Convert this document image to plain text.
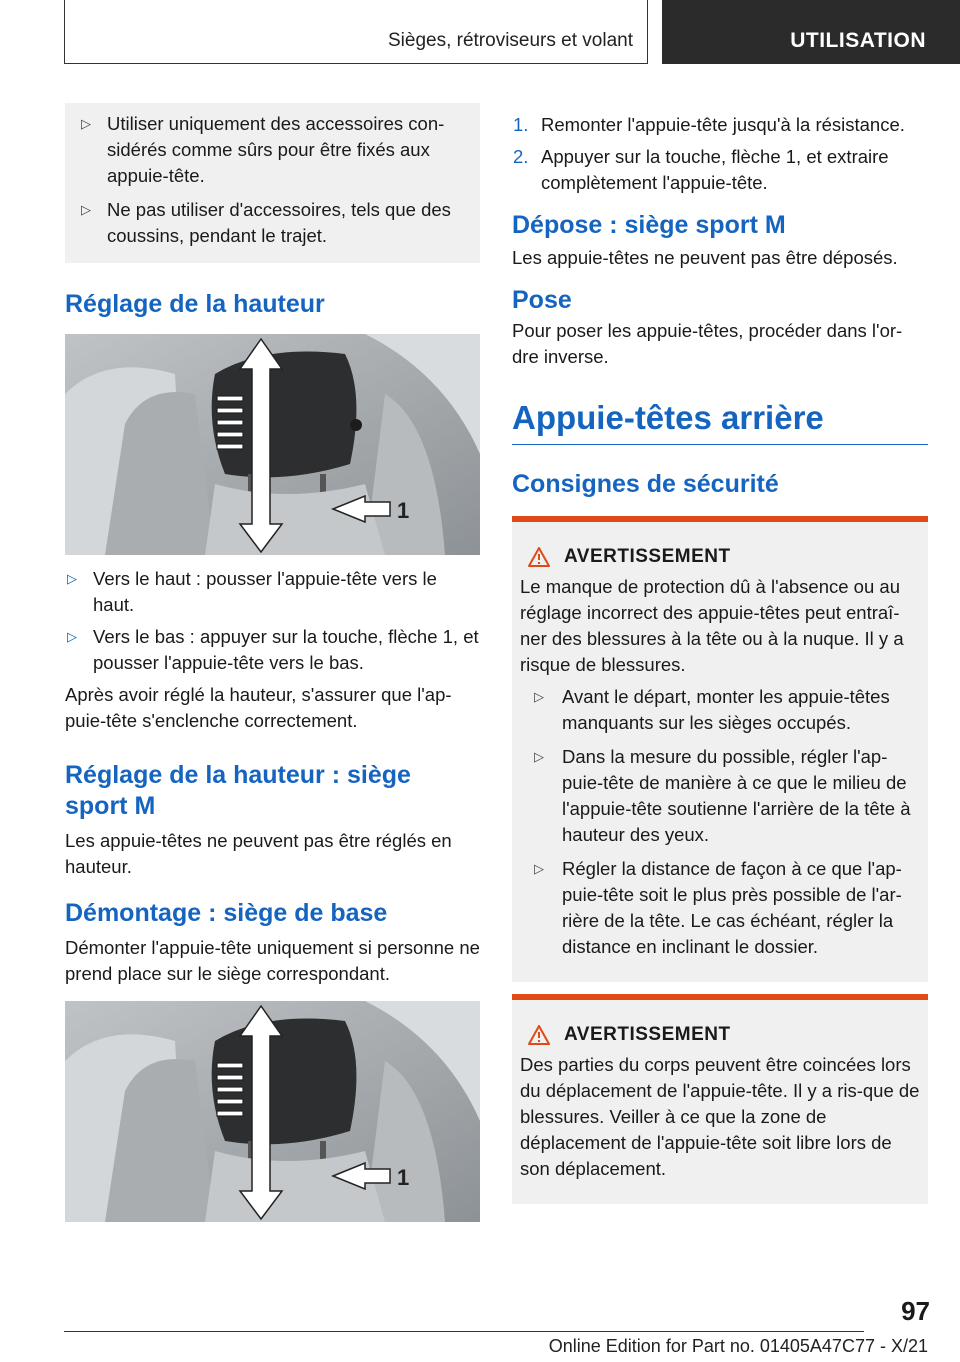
Sièges, rétroviseurs et volant	UTILISATION
▷ Utiliser uniquement des accessoires con-sidérés comme sûrs pour être fixés aux appuie-tête.
▷ Ne pas utiliser d'accessoires, tels que des coussins, pendant le trajet.
Réglage de la hauteur
1
▷ Vers le haut : pousser l'appuie-tête vers le haut.
▷ Vers le bas : appuyer sur la touche, flèche 1, et pousser l'appuie-tête vers le bas.

Après avoir réglé la hauteur, s'assurer que l'ap-puie-tête s'enclenche correctement.

Réglage de la hauteur : siège sport M

Les appuie-têtes ne peuvent pas être réglés en hauteur.

Démontage : siège de base

Démonter l'appuie-tête uniquement si personne ne prend place sur le siège correspondant.

1
1. Remonter l'appuie-tête jusqu'à la résistance.
2. Appuyer sur la touche, flèche 1, et extraire complètement l'appuie-tête.
Dépose : siège sport M

Les appuie-têtes ne peuvent pas être déposés.

Pose

Pour poser les appuie-têtes, procéder dans l'or-dre inverse.

Appuie-têtes arrière
Consignes de sécurité
AVERTISSEMENT

Le manque de protection dû à l'absence ou au réglage incorrect des appuie-têtes peut entraî-ner des blessures à la tête ou à la nuque. Il y a risque de blessures.

▷ Avant le départ, monter les appuie-têtes manquants sur les sièges occupés.
▷ Dans la mesure du possible, régler l'ap-puie-tête de manière à ce que le milieu de l'appuie-tête soutienne l'arrière de la tête à hauteur des yeux.
▷ Régler la distance de façon à ce que l'ap-puie-tête soit le plus près possible de l'ar-rière de la tête. Le cas échéant, régler la distance en inclinant le dossier.
AVERTISSEMENT

Des parties du corps peuvent être coincées lors du déplacement de l'appuie-tête. Il y a ris-que de blessures. Veiller à ce que la zone de déplacement de l'appuie-tête soit libre lors de son déplacement.

97
Online Edition for Part no. 01405A47C77 - X/21
